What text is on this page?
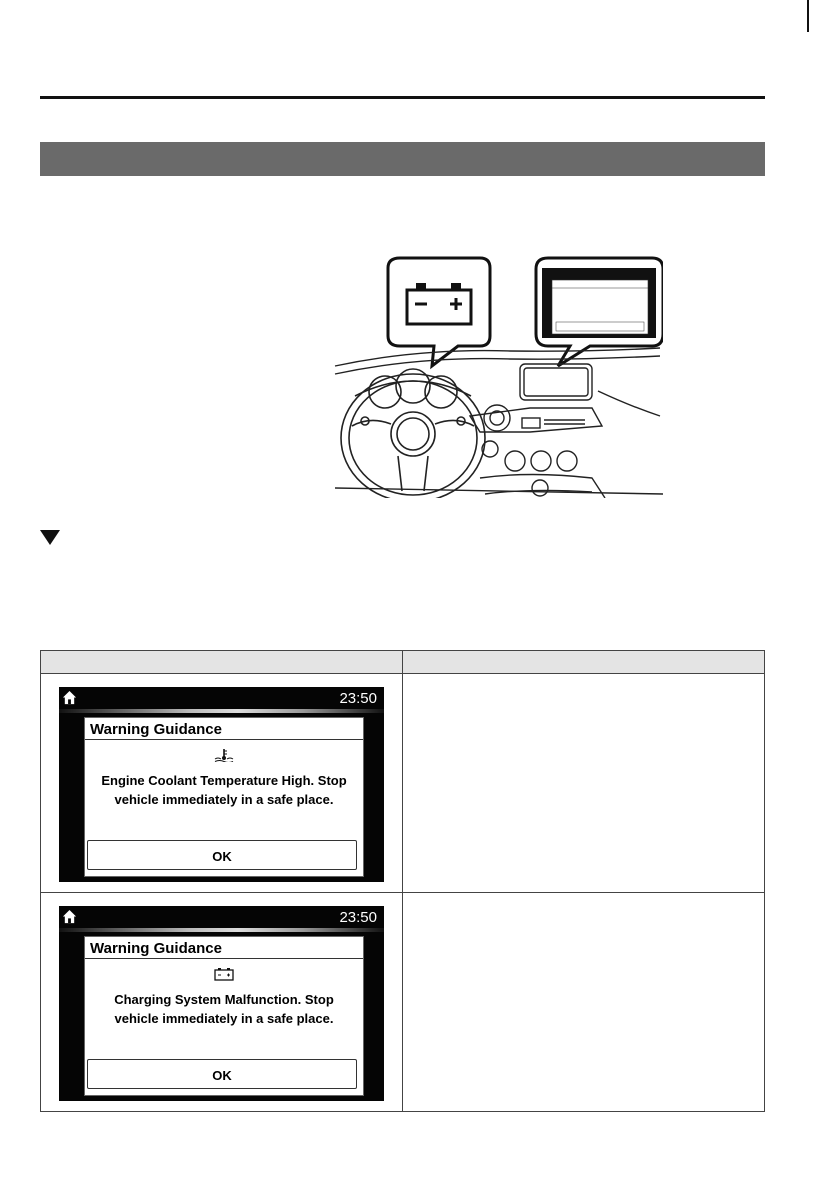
23:50
Warning Guidance
Engine Coolant Temperature High. Stop
vehicle immediately in a safe place.
OK	

23:50
Warning Guidance
Charging System Malfunction. Stop
vehicle immediately in a safe place.
OK	
